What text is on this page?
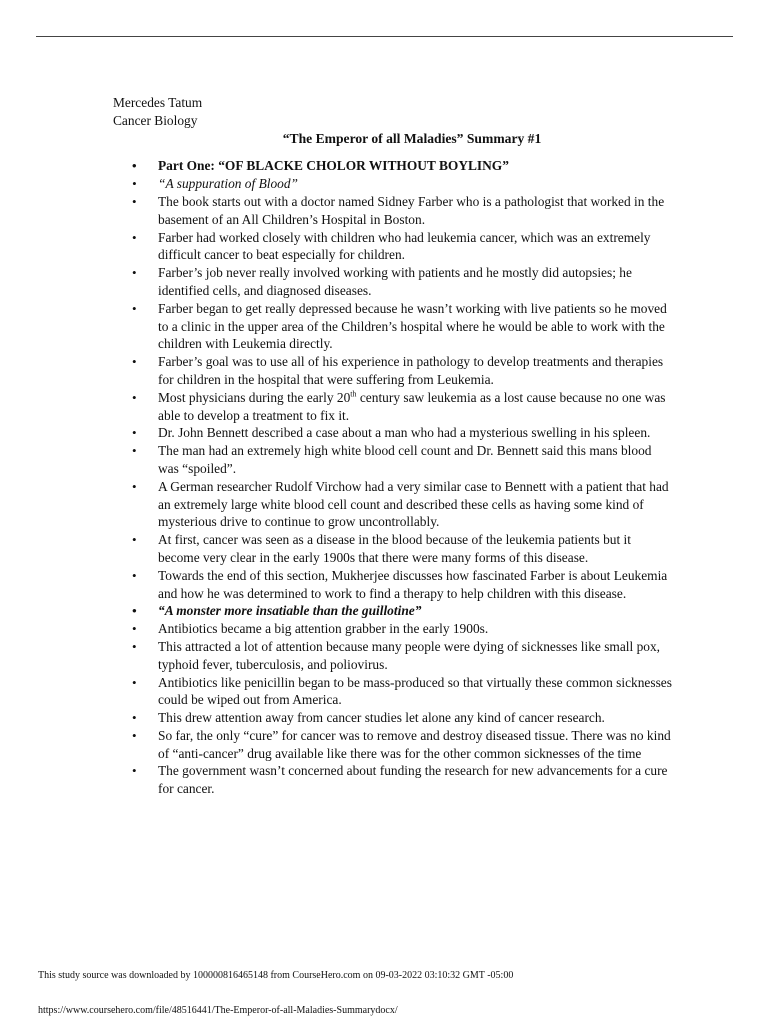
Mercedes Tatum
Cancer Biology
“The Emperor of all Maladies” Summary #1
• Part One: “OF BLACKE CHOLOR WITHOUT BOYLING”
• “A suppuration of Blood”
• The book starts out with a doctor named Sidney Farber who is a pathologist that worked in the basement of an All Children’s Hospital in Boston.
• Farber had worked closely with children who had leukemia cancer, which was an extremely difficult cancer to beat especially for children.
• Farber’s job never really involved working with patients and he mostly did autopsies; he identified cells, and diagnosed diseases.
• Farber began to get really depressed because he wasn’t working with live patients so he moved to a clinic in the upper area of the Children’s hospital where he would be able to work with the children with Leukemia directly.
• Farber’s goal was to use all of his experience in pathology to develop treatments and therapies for children in the hospital that were suffering from Leukemia.
• Most physicians during the early 20th century saw leukemia as a lost cause because no one was able to develop a treatment to fix it.
• Dr. John Bennett described a case about a man who had a mysterious swelling in his spleen.
• The man had an extremely high white blood cell count and Dr. Bennett said this mans blood was “spoiled”.
• A German researcher Rudolf Virchow had a very similar case to Bennett with a patient that had an extremely large white blood cell count and described these cells as having some kind of mysterious drive to continue to grow uncontrollably.
• At first, cancer was seen as a disease in the blood because of the leukemia patients but it become very clear in the early 1900s that there were many forms of this disease.
• Towards the end of this section, Mukherjee discusses how fascinated Farber is about Leukemia and how he was determined to work to find a therapy to help children with this disease.
• “A monster more insatiable than the guillotine”
• Antibiotics became a big attention grabber in the early 1900s.
• This attracted a lot of attention because many people were dying of sicknesses like small pox, typhoid fever, tuberculosis, and poliovirus.
• Antibiotics like penicillin began to be mass-produced so that virtually these common sicknesses could be wiped out from America.
• This drew attention away from cancer studies let alone any kind of cancer research.
• So far, the only “cure” for cancer was to remove and destroy diseased tissue. There was no kind of “anti-cancer” drug available like there was for the other common sicknesses of the time
• The government wasn’t concerned about funding the research for new advancements for a cure for cancer.
This study source was downloaded by 100000816465148 from CourseHero.com on 09-03-2022 03:10:32 GMT -05:00
https://www.coursehero.com/file/48516441/The-Emperor-of-all-Maladies-Summarydocx/
